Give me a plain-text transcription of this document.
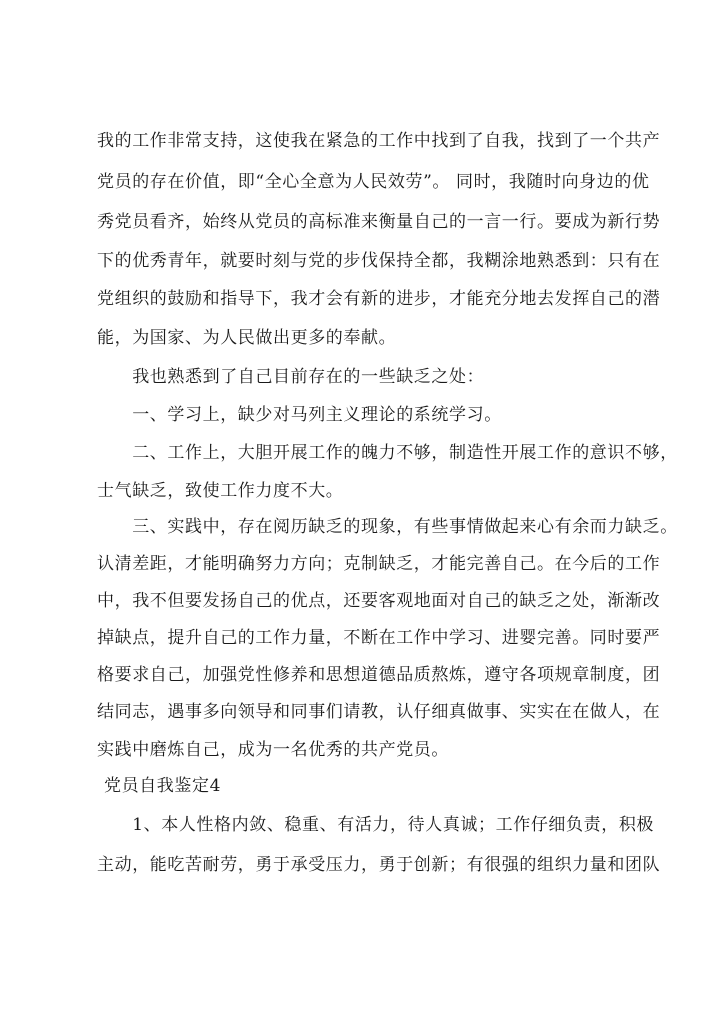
我的工作非常支持，这使我在紧急的工作中找到了自我，找到了一个共产
党员的存在价值，即“全心全意为人民效劳”。 同时，我随时向身边的优
秀党员看齐，始终从党员的高标准来衡量自己的一言一行。要成为新行势
下的优秀青年，就要时刻与党的步伐保持全都，我糊涂地熟悉到：只有在
党组织的鼓励和指导下，我才会有新的进步，才能充分地去发挥自己的潜
能，为国家、为人民做出更多的奉献。
　　我也熟悉到了自己目前存在的一些缺乏之处：
　　一、学习上，缺少对马列主义理论的系统学习。
　　二、工作上，大胆开展工作的魄力不够，制造性开展工作的意识不够，
士气缺乏，致使工作力度不大。
　　三、实践中，存在阅历缺乏的现象，有些事情做起来心有余而力缺乏。
认清差距，才能明确努力方向；克制缺乏，才能完善自己。在今后的工作
中，我不但要发扬自己的优点，还要客观地面对自己的缺乏之处，渐渐改
掉缺点，提升自己的工作力量，不断在工作中学习、进婴完善。同时要严
格要求自己，加强党性修养和思想道德品质熬炼，遵守各项规章制度，团
结同志，遇事多向领导和同事们请教，认仔细真做事、实实在在做人，在
实践中磨炼自己，成为一名优秀的共产党员。
党员自我鉴定4
　　1、本人性格内敛、稳重、有活力，待人真诚；工作仔细负责，积极
主动，能吃苦耐劳，勇于承受压力，勇于创新；有很强的组织力量和团队
